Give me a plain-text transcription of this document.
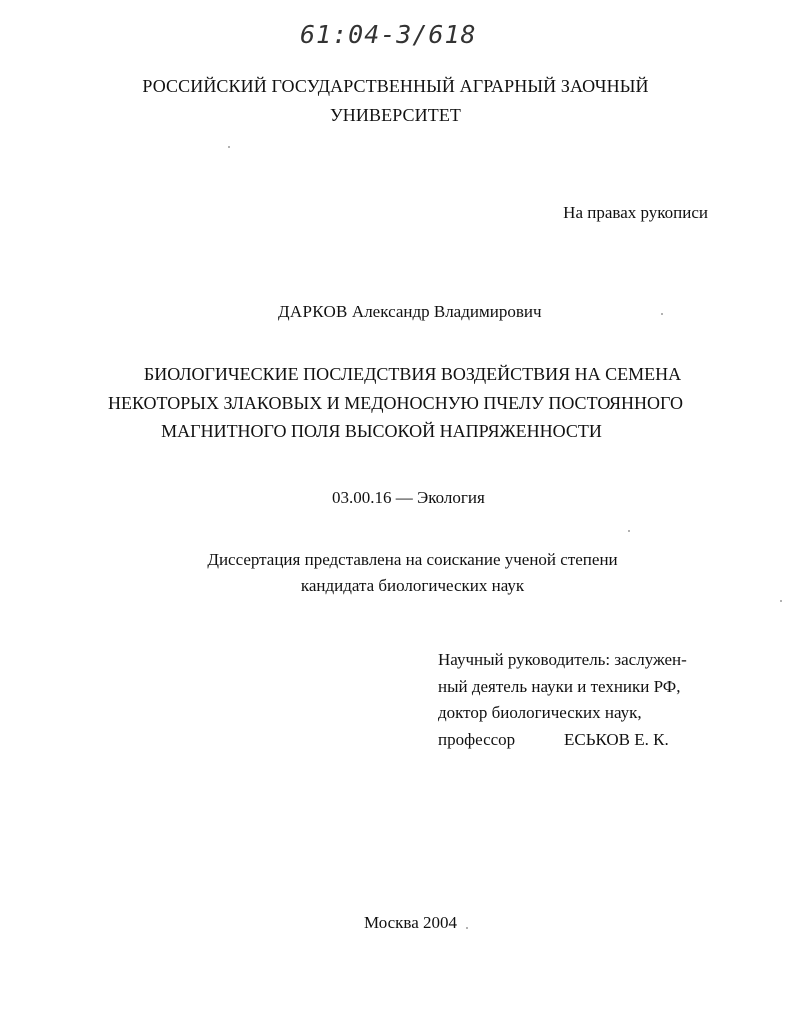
61:04-3/618
РОССИЙСКИЙ ГОСУДАРСТВЕННЫЙ АГРАРНЫЙ ЗАОЧНЫЙ
УНИВЕРСИТЕТ
На правах рукописи
ДАРКОВ Александр Владимирович
БИОЛОГИЧЕСКИЕ ПОСЛЕДСТВИЯ ВОЗДЕЙСТВИЯ НА СЕМЕНА
НЕКОТОРЫХ ЗЛАКОВЫХ И МЕДОНОСНУЮ ПЧЕЛУ ПОСТОЯННОГО
МАГНИТНОГО ПОЛЯ ВЫСОКОЙ НАПРЯЖЕННОСТИ
03.00.16 — Экология
Диссертация представлена на соискание ученой степени
кандидата биологических наук
Научный руководитель: заслужен-
ный деятель науки и техники РФ,
доктор биологических наук,
профессор	ЕСЬКОВ Е. К.
Москва 2004
